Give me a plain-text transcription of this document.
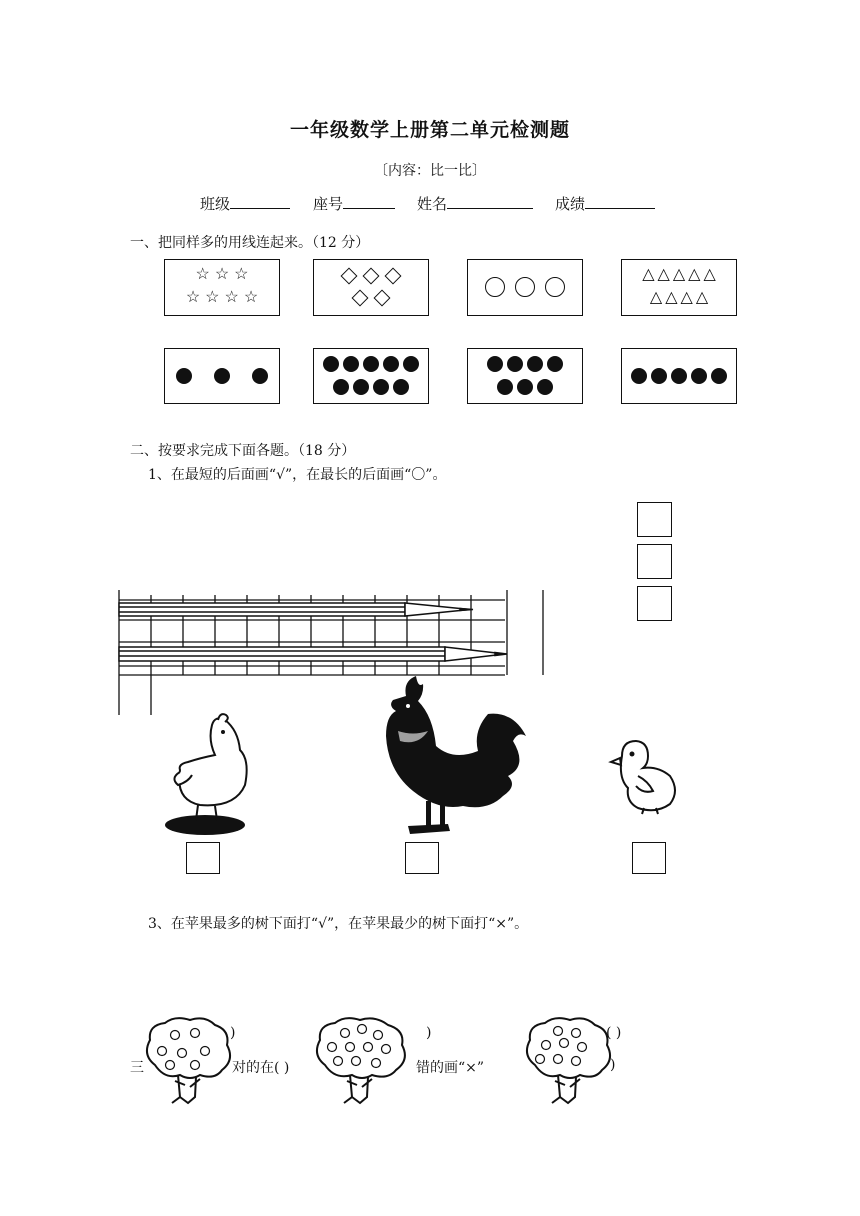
一年级数学上册第二单元检测题
〔内容：比一比〕
班级	座号	姓名	成绩
一、把同样多的用线连起来。（12 分）
☆ ☆ ☆
☆ ☆ ☆ ☆
△ △ △ △ △
△ △ △ △
二、按要求完成下面各题。（18 分）
1、在最短的后面画“√”，在最长的后面画“〇”。
3、在苹果最多的树下面打“√”，在苹果最少的树下面打“×”。
三	对的在( )	错的画“×”
)	)	( )
)
